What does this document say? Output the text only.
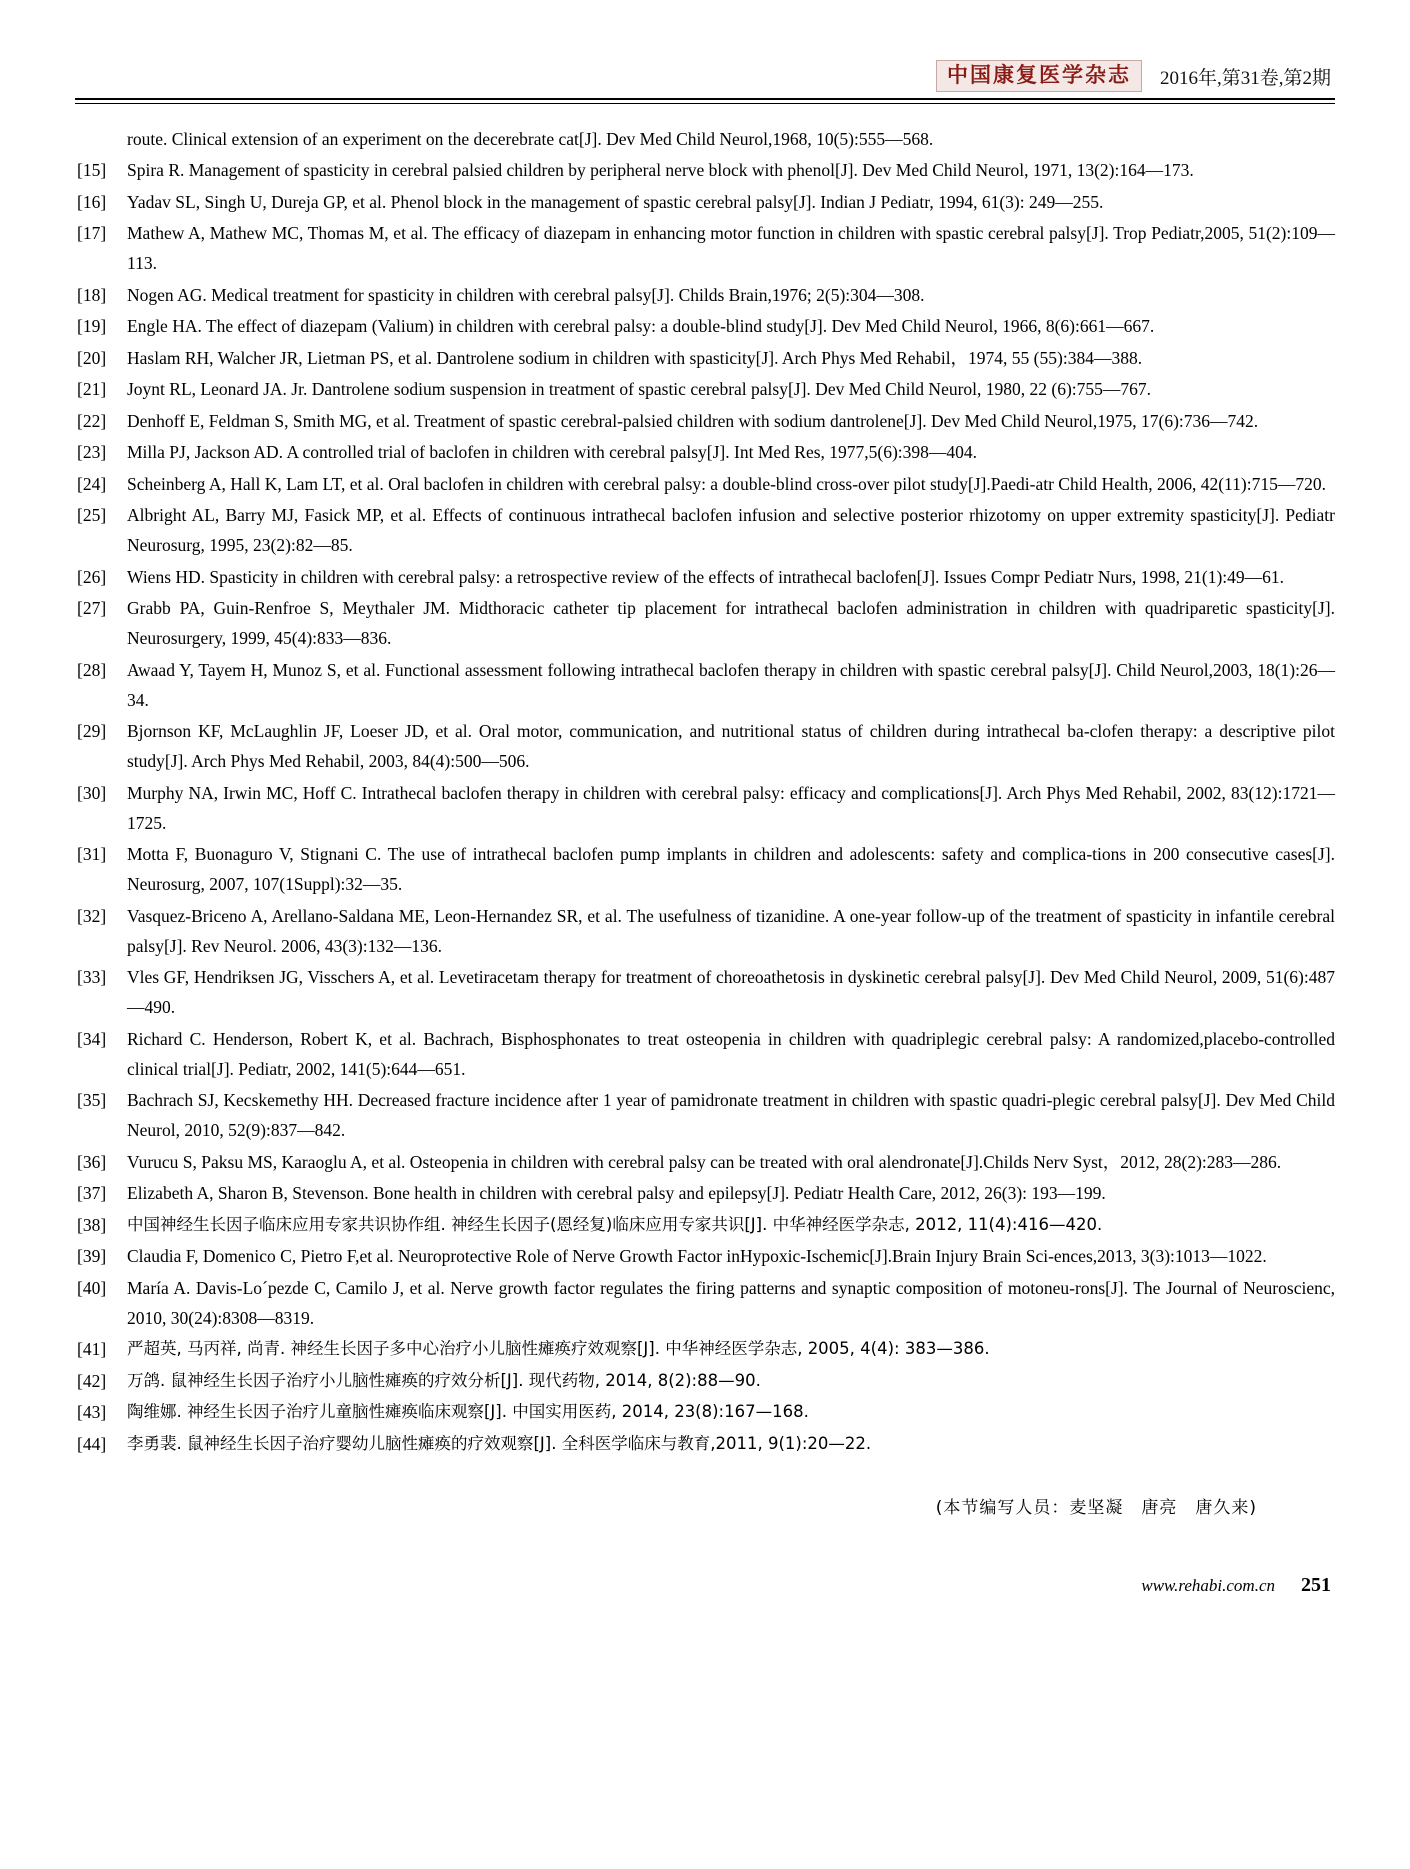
中国康复医学杂志	2016年,第31卷,第2期
route. Clinical extension of an experiment on the decerebrate cat[J]. Dev Med Child Neurol,1968, 10(5):555—568.
[15]	Spira R. Management of spasticity in cerebral palsied children by peripheral nerve block with phenol[J]. Dev Med Child Neurol, 1971, 13(2):164—173.
[16]	Yadav SL, Singh U, Dureja GP, et al. Phenol block in the management of spastic cerebral palsy[J]. Indian J Pediatr, 1994, 61(3): 249—255.
[17]	Mathew A, Mathew MC, Thomas M, et al. The efficacy of diazepam in enhancing motor function in children with spastic cerebral palsy[J]. Trop Pediatr,2005, 51(2):109—113.
[18]	Nogen AG. Medical treatment for spasticity in children with cerebral palsy[J]. Childs Brain,1976; 2(5):304—308.
[19]	Engle HA. The effect of diazepam (Valium) in children with cerebral palsy: a double-blind study[J]. Dev Med Child Neurol, 1966, 8(6):661—667.
[20]	Haslam RH, Walcher JR, Lietman PS, et al. Dantrolene sodium in children with spasticity[J]. Arch Phys Med Rehabil，1974, 55 (55):384—388.
[21]	Joynt RL, Leonard JA. Jr. Dantrolene sodium suspension in treatment of spastic cerebral palsy[J]. Dev Med Child Neurol, 1980, 22 (6):755—767.
[22]	Denhoff E, Feldman S, Smith MG, et al. Treatment of spastic cerebral-palsied children with sodium dantrolene[J]. Dev Med Child Neurol,1975, 17(6):736—742.
[23]	Milla PJ, Jackson AD. A controlled trial of baclofen in children with cerebral palsy[J]. Int Med Res, 1977,5(6):398—404.
[24]	Scheinberg A, Hall K, Lam LT, et al. Oral baclofen in children with cerebral palsy: a double-blind cross-over pilot study[J].Paedi-atr Child Health, 2006, 42(11):715—720.
[25]	Albright AL, Barry MJ, Fasick MP, et al. Effects of continuous intrathecal baclofen infusion and selective posterior rhizotomy on upper extremity spasticity[J]. Pediatr Neurosurg, 1995, 23(2):82—85.
[26]	Wiens HD. Spasticity in children with cerebral palsy: a retrospective review of the effects of intrathecal baclofen[J]. Issues Compr Pediatr Nurs, 1998, 21(1):49—61.
[27]	Grabb PA, Guin-Renfroe S, Meythaler JM. Midthoracic catheter tip placement for intrathecal baclofen administration in children with quadriparetic spasticity[J]. Neurosurgery, 1999, 45(4):833—836.
[28]	Awaad Y, Tayem H, Munoz S, et al. Functional assessment following intrathecal baclofen therapy in children with spastic cerebral palsy[J]. Child Neurol,2003, 18(1):26—34.
[29]	Bjornson KF, McLaughlin JF, Loeser JD, et al. Oral motor, communication, and nutritional status of children during intrathecal ba-clofen therapy: a descriptive pilot study[J]. Arch Phys Med Rehabil, 2003, 84(4):500—506.
[30]	Murphy NA, Irwin MC, Hoff C. Intrathecal baclofen therapy in children with cerebral palsy: efficacy and complications[J]. Arch Phys Med Rehabil, 2002, 83(12):1721—1725.
[31]	Motta F, Buonaguro V, Stignani C. The use of intrathecal baclofen pump implants in children and adolescents: safety and complica-tions in 200 consecutive cases[J]. Neurosurg, 2007, 107(1Suppl):32—35.
[32]	Vasquez-Briceno A, Arellano-Saldana ME, Leon-Hernandez SR, et al. The usefulness of tizanidine. A one-year follow-up of the treatment of spasticity in infantile cerebral palsy[J]. Rev Neurol. 2006, 43(3):132—136.
[33]	Vles GF, Hendriksen JG, Visschers A, et al. Levetiracetam therapy for treatment of choreoathetosis in dyskinetic cerebral palsy[J]. Dev Med Child Neurol, 2009, 51(6):487—490.
[34]	Richard C. Henderson, Robert K, et al. Bachrach, Bisphosphonates to treat osteopenia in children with quadriplegic cerebral palsy: A randomized,placebo-controlled clinical trial[J]. Pediatr, 2002, 141(5):644—651.
[35]	Bachrach SJ, Kecskemethy HH. Decreased fracture incidence after 1 year of pamidronate treatment in children with spastic quadri-plegic cerebral palsy[J]. Dev Med Child Neurol, 2010, 52(9):837—842.
[36]	Vurucu S, Paksu MS, Karaoglu A, et al. Osteopenia in children with cerebral palsy can be treated with oral alendronate[J].Childs Nerv Syst，2012, 28(2):283—286.
[37]	Elizabeth A, Sharon B, Stevenson. Bone health in children with cerebral palsy and epilepsy[J]. Pediatr Health Care, 2012, 26(3): 193—199.
[38]	中国神经生长因子临床应用专家共识协作组. 神经生长因子(恩经复)临床应用专家共识[J]. 中华神经医学杂志, 2012, 11(4):416—420.
[39]	Claudia F, Domenico C, Pietro F,et al. Neuroprotective Role of Nerve Growth Factor inHypoxic-Ischemic[J].Brain Injury Brain Sci-ences,2013, 3(3):1013—1022.
[40]	María A. Davis-Lo´pezde C, Camilo J, et al. Nerve growth factor regulates the firing patterns and synaptic composition of motoneu-rons[J]. The Journal of Neuroscienc, 2010, 30(24):8308—8319.
[41]	严超英, 马丙祥, 尚青. 神经生长因子多中心治疗小儿脑性瘫痪疗效观察[J]. 中华神经医学杂志, 2005, 4(4): 383—386.
[42]	万鸽. 鼠神经生长因子治疗小儿脑性瘫痪的疗效分析[J]. 现代药物, 2014, 8(2):88—90.
[43]	陶维娜. 神经生长因子治疗儿童脑性瘫痪临床观察[J]. 中国实用医药, 2014, 23(8):167—168.
[44]	李勇裴. 鼠神经生长因子治疗婴幼儿脑性瘫痪的疗效观察[J]. 全科医学临床与教育,2011, 9(1):20—22.
(本节编写人员：麦坚凝　唐亮　唐久来)
www.rehabi.com.cn 251
